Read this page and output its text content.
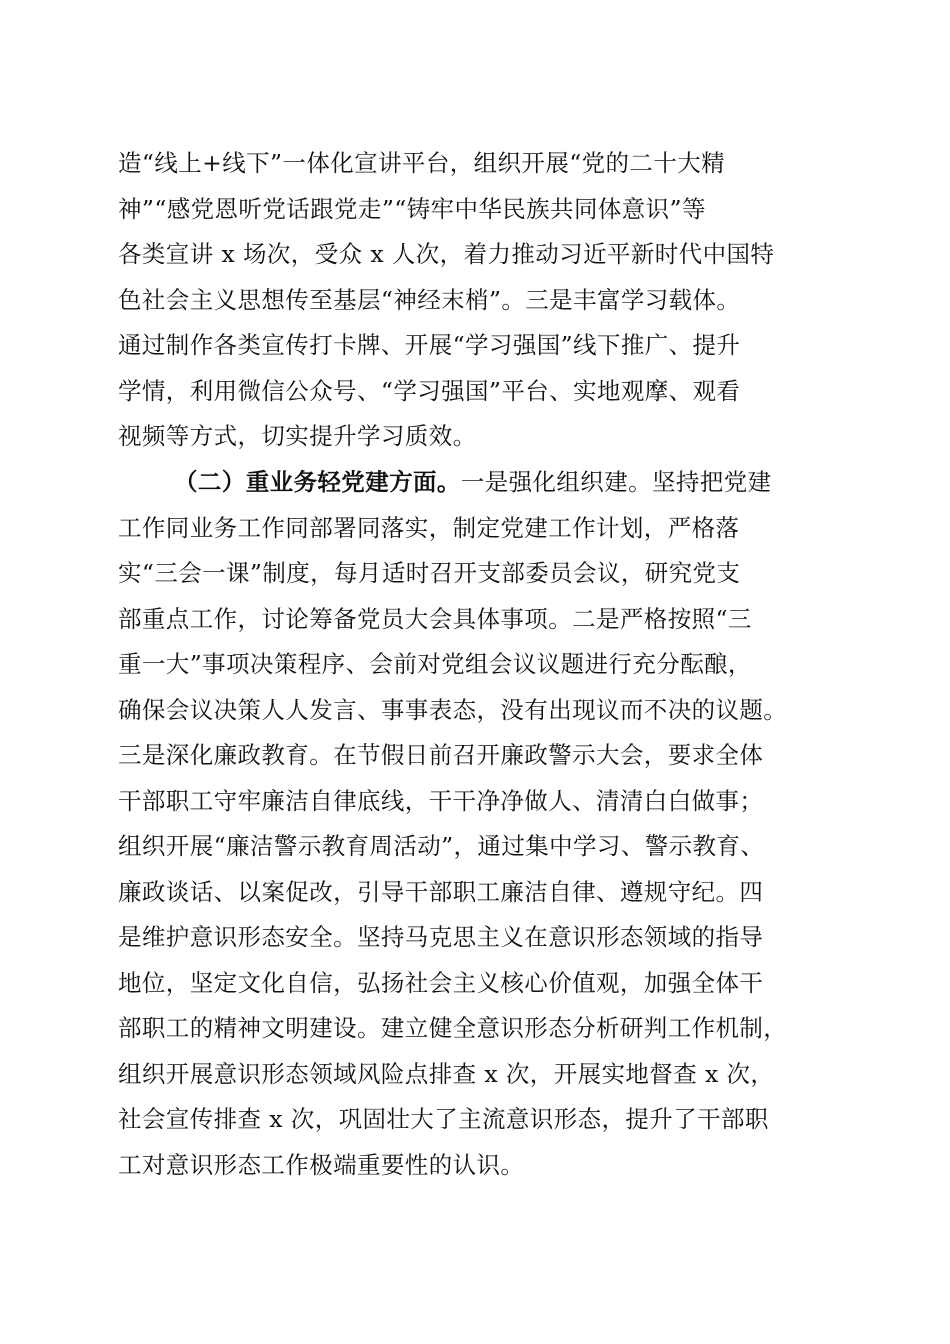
造“线上+线下”一体化宣讲平台，组织开展“党的二十大精
神”“感党恩听党话跟党走”“铸牢中华民族共同体意识”等
各类宣讲 x 场次，受众 x 人次，着力推动习近平新时代中国特
色社会主义思想传至基层“神经末梢”。三是丰富学习载体。
通过制作各类宣传打卡牌、开展“学习强国”线下推广、提升
学情，利用微信公众号、“学习强国”平台、实地观摩、观看
视频等方式，切实提升学习质效。
（二）重业务轻党建方面。一是强化组织建。坚持把党建
工作同业务工作同部署同落实，制定党建工作计划，严格落
实“三会一课”制度，每月适时召开支部委员会议，研究党支
部重点工作，讨论筹备党员大会具体事项。二是严格按照“三
重一大”事项决策程序、会前对党组会议议题进行充分酝酿，
确保会议决策人人发言、事事表态，没有出现议而不决的议题。
三是深化廉政教育。在节假日前召开廉政警示大会，要求全体
干部职工守牢廉洁自律底线，干干净净做人、清清白白做事；
组织开展“廉洁警示教育周活动”，通过集中学习、警示教育、
廉政谈话、以案促改，引导干部职工廉洁自律、遵规守纪。四
是维护意识形态安全。坚持马克思主义在意识形态领域的指导
地位，坚定文化自信，弘扬社会主义核心价值观，加强全体干
部职工的精神文明建设。建立健全意识形态分析研判工作机制，
组织开展意识形态领域风险点排查 x 次，开展实地督查 x 次，
社会宣传排查 x 次，巩固壮大了主流意识形态，提升了干部职
工对意识形态工作极端重要性的认识。
